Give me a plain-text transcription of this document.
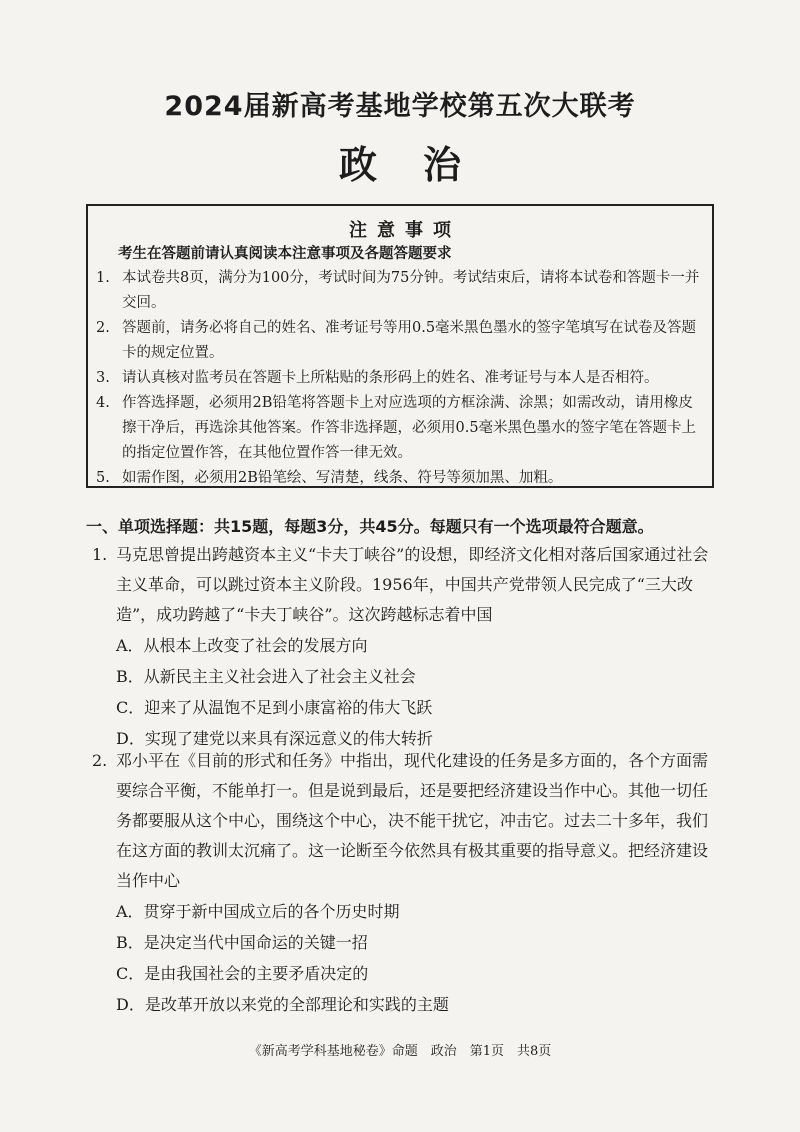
2024届新高考基地学校第五次大联考
政治
注意事项
考生在答题前请认真阅读本注意事项及各题答题要求
1. 本试卷共8页，满分为100分，考试时间为75分钟。考试结束后，请将本试卷和答题卡一并交回。
2. 答题前，请务必将自己的姓名、准考证号等用0.5毫米黑色墨水的签字笔填写在试卷及答题卡的规定位置。
3. 请认真核对监考员在答题卡上所粘贴的条形码上的姓名、准考证号与本人是否相符。
4. 作答选择题，必须用2B铅笔将答题卡上对应选项的方框涂满、涂黑；如需改动，请用橡皮擦干净后，再选涂其他答案。作答非选择题，必须用0.5毫米黑色墨水的签字笔在答题卡上的指定位置作答，在其他位置作答一律无效。
5. 如需作图，必须用2B铅笔绘、写清楚，线条、符号等须加黑、加粗。
一、单项选择题：共15题，每题3分，共45分。每题只有一个选项最符合题意。
1. 马克思曾提出跨越资本主义“卡夫丁峡谷”的设想，即经济文化相对落后国家通过社会主义革命，可以跳过资本主义阶段。1956年，中国共产党带领人民完成了“三大改造”，成功跨越了“卡夫丁峡谷”。这次跨越标志着中国
A．从根本上改变了社会的发展方向
B．从新民主主义社会进入了社会主义社会
C．迎来了从温饱不足到小康富裕的伟大飞跃
D．实现了建党以来具有深远意义的伟大转折
2. 邓小平在《目前的形式和任务》中指出，现代化建设的任务是多方面的，各个方面需要综合平衡，不能单打一。但是说到最后，还是要把经济建设当作中心。其他一切任务都要服从这个中心，围绕这个中心，决不能干扰它，冲击它。过去二十多年，我们在这方面的教训太沉痛了。这一论断至今依然具有极其重要的指导意义。把经济建设当作中心
A．贯穿于新中国成立后的各个历史时期
B．是决定当代中国命运的关键一招
C．是由我国社会的主要矛盾决定的
D．是改革开放以来党的全部理论和实践的主题
《新高考学科基地秘卷》命题　政治　第1页　共8页
